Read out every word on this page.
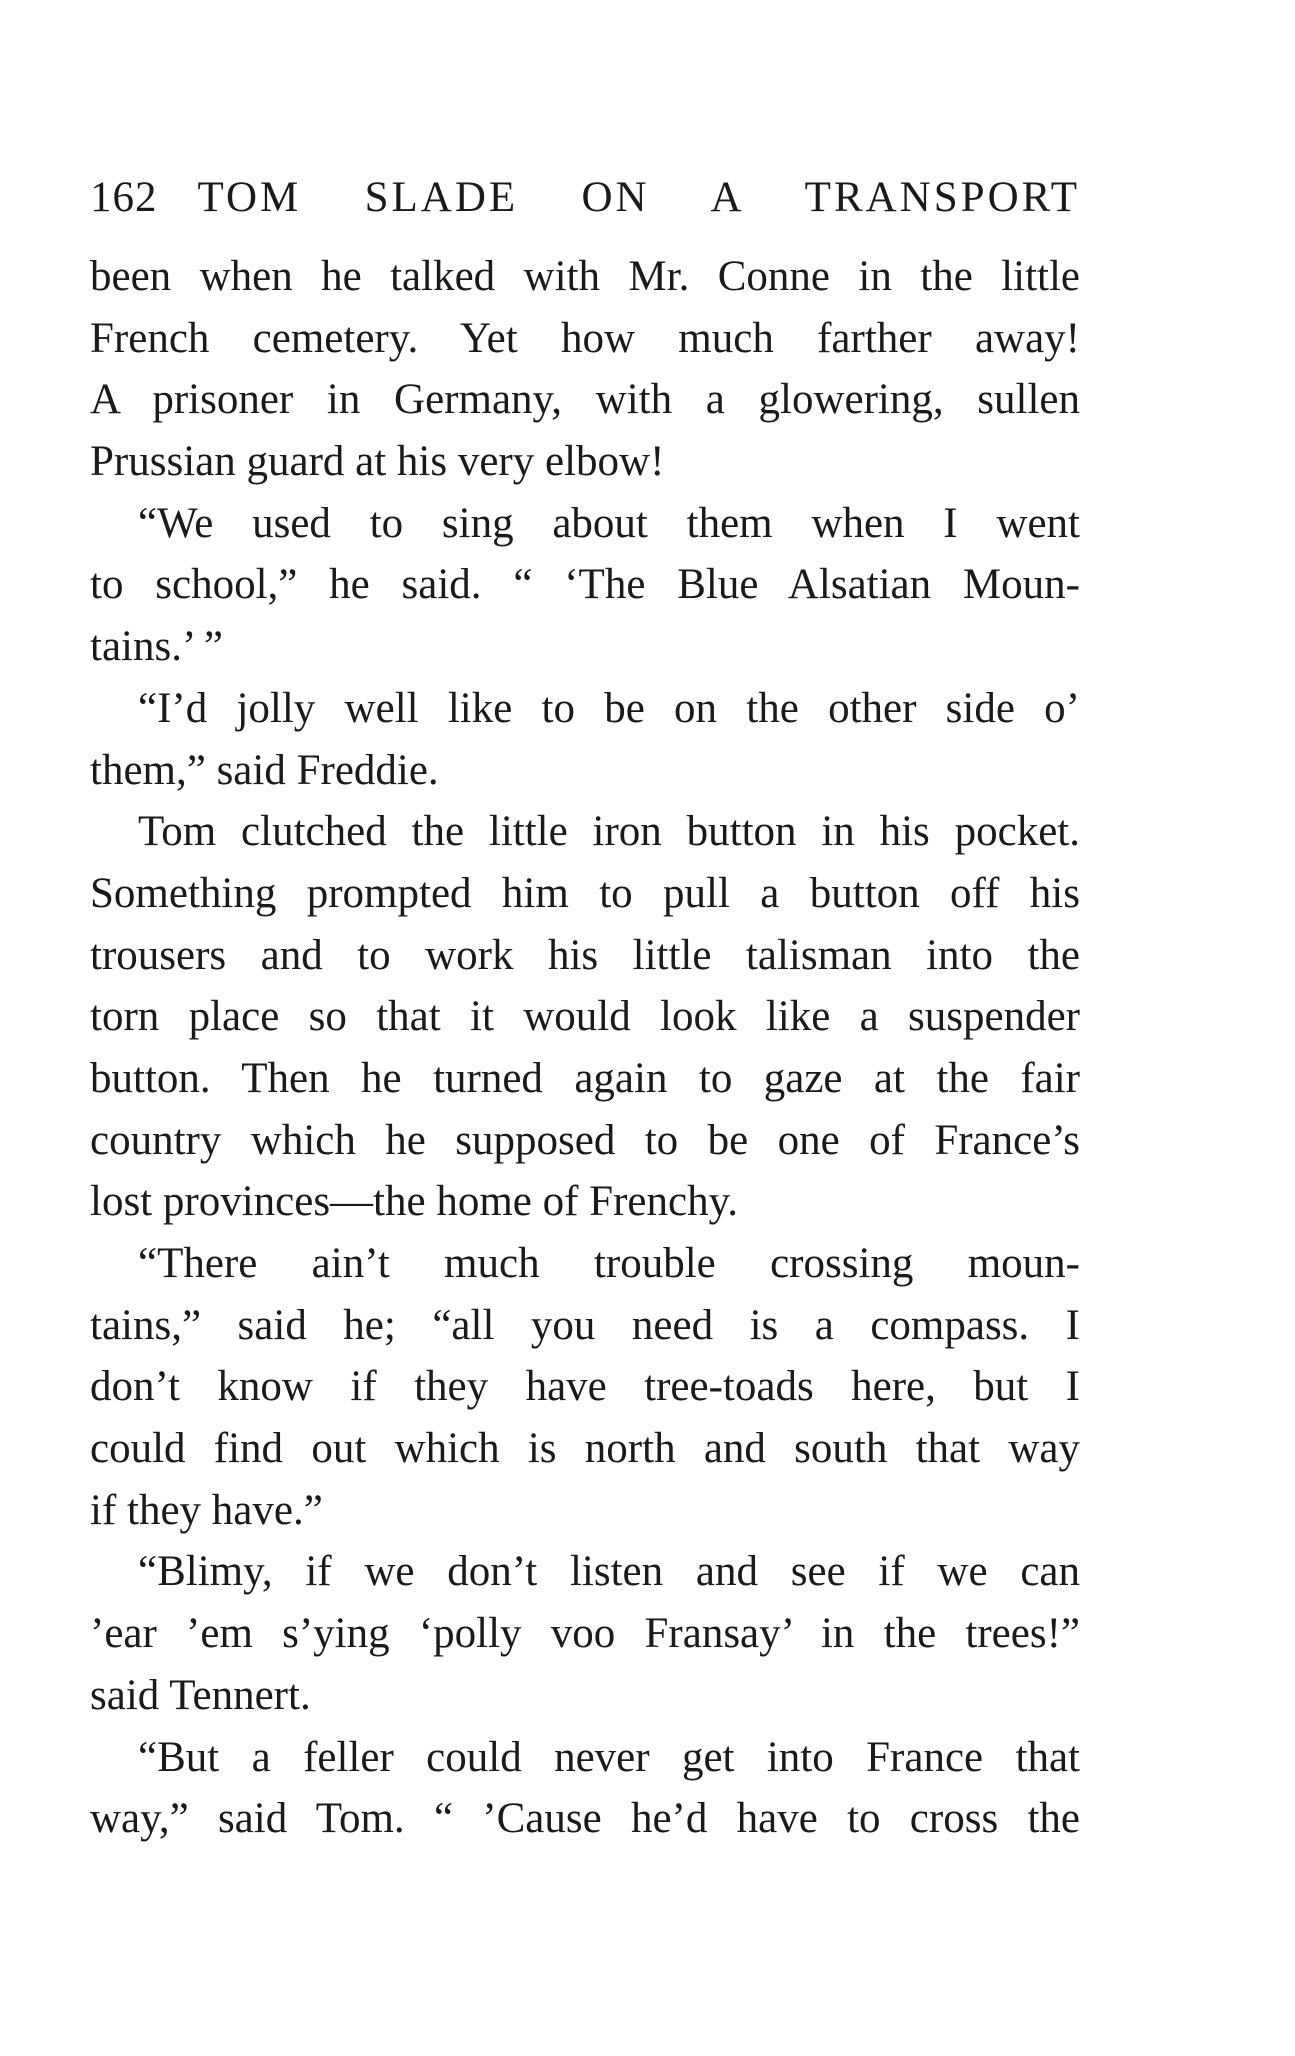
162 TOM SLADE ON A TRANSPORT
been when he talked with Mr. Conne in the little
French cemetery. Yet how much farther away!
A prisoner in Germany, with a glowering, sullen
Prussian guard at his very elbow!
“We used to sing about them when I went
to school,” he said. “ ‘The Blue Alsatian Moun-
tains.’ ”
“I’d jolly well like to be on the other side o’
them,” said Freddie.
Tom clutched the little iron button in his pocket.
Something prompted him to pull a button off his
trousers and to work his little talisman into the
torn place so that it would look like a suspender
button. Then he turned again to gaze at the fair
country which he supposed to be one of France’s
lost provinces—the home of Frenchy.
“There ain’t much trouble crossing moun-
tains,” said he; “all you need is a compass. I
don’t know if they have tree-toads here, but I
could find out which is north and south that way
if they have.”
“Blimy, if we don’t listen and see if we can
’ear ’em s’ying ‘polly voo Fransay’ in the trees!”
said Tennert.
“But a feller could never get into France that
way,” said Tom. “ ’Cause he’d have to cross the
